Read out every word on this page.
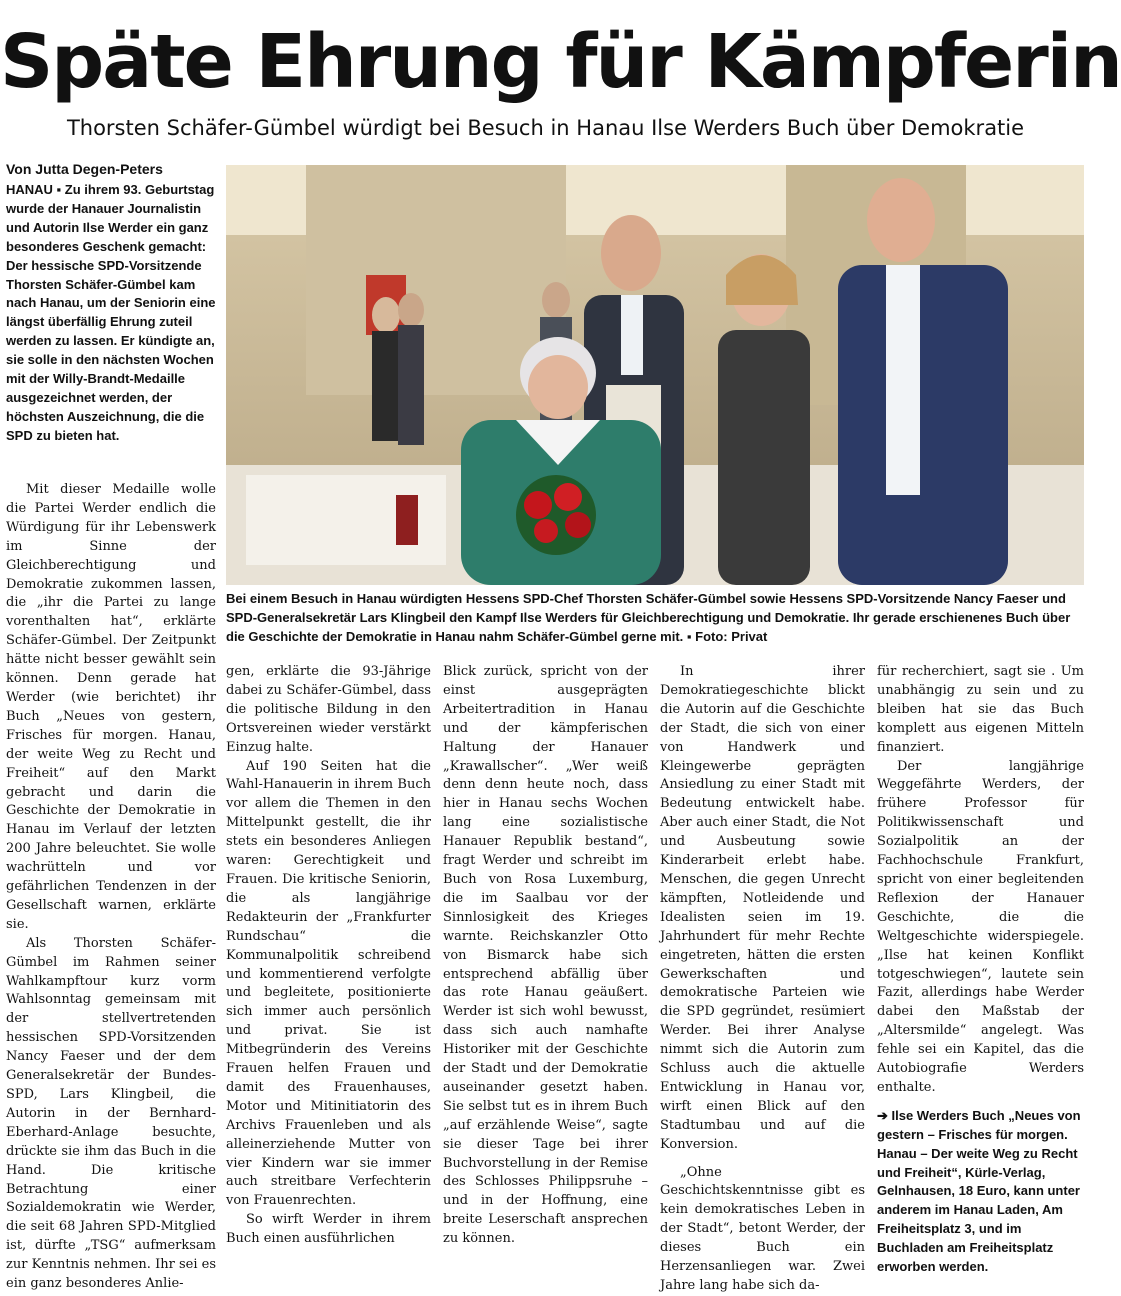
Späte Ehrung für Kämpferin
Thorsten Schäfer-Gümbel würdigt bei Besuch in Hanau Ilse Werders Buch über Demokratie
Von Jutta Degen-Peters

HANAU ▪ Zu ihrem 93. Geburtstag wurde der Hanauer Journalistin und Autorin Ilse Werder ein ganz besonderes Geschenk gemacht: Der hessische SPD-Vorsitzende Thorsten Schäfer-Gümbel kam nach Hanau, um der Seniorin eine längst überfällig Ehrung zuteil werden zu lassen. Er kündigte an, sie solle in den nächsten Wochen mit der Willy-Brandt-Medaille ausgezeichnet werden, der höchsten Auszeichnung, die die SPD zu bieten hat.

Mit dieser Medaille wolle die Partei Werder endlich die Würdigung für ihr Lebenswerk im Sinne der Gleichberechtigung und Demokratie zukommen lassen, die „ihr die Partei zu lange vorenthalten hat“, erklärte Schäfer-Gümbel. Der Zeitpunkt hätte nicht besser gewählt sein können. Denn gerade hat Werder (wie berichtet) ihr Buch „Neues von gestern, Frisches für morgen. Hanau, der weite Weg zu Recht und Freiheit“ auf den Markt gebracht und darin die Geschichte der Demokratie in Hanau im Verlauf der letzten 200 Jahre beleuchtet. Sie wolle wachrütteln und vor gefährlichen Tendenzen in der Gesellschaft warnen, erklärte sie.

Als Thorsten Schäfer-Gümbel im Rahmen seiner Wahlkampftour kurz vorm Wahlsonntag gemeinsam mit der stellvertretenden hessischen SPD-Vorsitzenden Nancy Faeser und der dem Generalsekretär der Bundes-SPD, Lars Klingbeil, die Autorin in der Bernhard-Eberhard-Anlage besuchte, drückte sie ihm das Buch in die Hand. Die kritische Betrachtung einer Sozialdemokratin wie Werder, die seit 68 Jahren SPD-Mitglied ist, dürfte „TSG“ aufmerksam zur Kenntnis nehmen. Ihr sei es ein ganz besonderes Anlie-

Bei einem Besuch in Hanau würdigten Hessens SPD-Chef Thorsten Schäfer-Gümbel sowie Hessens SPD-Vorsitzende Nancy Faeser und SPD-Generalsekretär Lars Klingbeil den Kampf Ilse Werders für Gleichberechtigung und Demokratie. Ihr gerade erschienenes Buch über die Geschichte der Demokratie in Hanau nahm Schäfer-Gümbel gerne mit. ▪ Foto: Privat

gen, erklärte die 93-Jährige dabei zu Schäfer-Gümbel, dass die politische Bildung in den Ortsvereinen wieder verstärkt Einzug halte.

Auf 190 Seiten hat die Wahl-Hanauerin in ihrem Buch vor allem die Themen in den Mittelpunkt gestellt, die ihr stets ein besonderes Anliegen waren: Gerechtigkeit und Frauen. Die kritische Seniorin, die als langjährige Redakteurin der „Frankfurter Rundschau“ die Kommunalpolitik schreibend und kommentierend verfolgte und begleitete, positionierte sich immer auch persönlich und privat. Sie ist Mitbegründerin des Vereins Frauen helfen Frauen und damit des Frauenhauses, Motor und Mitinitiatorin des Archivs Frauenleben und als alleinerziehende Mutter von vier Kindern war sie immer auch streitbare Verfechterin von Frauenrechten.

So wirft Werder in ihrem Buch einen ausführlichen

Blick zurück, spricht von der einst ausgeprägten Arbeitertradition in Hanau und der kämpferischen Haltung der Hanauer „Krawallscher“. „Wer weiß denn denn heute noch, dass hier in Hanau sechs Wochen lang eine sozialistische Hanauer Republik bestand“, fragt Werder und schreibt im Buch von Rosa Luxemburg, die im Saalbau vor der Sinnlosigkeit des Krieges warnte. Reichskanzler Otto von Bismarck habe sich entsprechend abfällig über das rote Hanau geäußert. Werder ist sich wohl bewusst, dass sich auch namhafte Historiker mit der Geschichte der Stadt und der Demokratie auseinander gesetzt haben. Sie selbst tut es in ihrem Buch „auf erzählende Weise“, sagte sie dieser Tage bei ihrer Buchvorstellung in der Remise des Schlosses Philippsruhe – und in der Hoffnung, eine breite Leserschaft ansprechen zu können.

In ihrer Demokratiegeschichte blickt die Autorin auf die Geschichte der Stadt, die sich von einer von Handwerk und Kleingewerbe geprägten Ansiedlung zu einer Stadt mit Bedeutung entwickelt habe. Aber auch einer Stadt, die Not und Ausbeutung sowie Kinderarbeit erlebt habe. Menschen, die gegen Unrecht kämpften, Notleidende und Idealisten seien im 19. Jahrhundert für mehr Rechte eingetreten, hätten die ersten Gewerkschaften und demokratische Parteien wie die SPD gegründet, resümiert Werder. Bei ihrer Analyse nimmt sich die Autorin zum Schluss auch die aktuelle Entwicklung in Hanau vor, wirft einen Blick auf den Stadtumbau und auf die Konversion.

„Ohne Geschichtskenntnisse gibt es kein demokratisches Leben in der Stadt“, betont Werder, der dieses Buch ein Herzensanliegen war. Zwei Jahre lang habe sich da-

für recherchiert, sagt sie . Um unabhängig zu sein und zu bleiben hat sie das Buch komplett aus eigenen Mitteln finanziert.

Der langjährige Weggefährte Werders, der frühere Professor für Politikwissenschaft und Sozialpolitik an der Fachhochschule Frankfurt, spricht von einer begleitenden Reflexion der Hanauer Geschichte, die die Weltgeschichte widerspiegele. „Ilse hat keinen Konflikt totgeschwiegen“, lautete sein Fazit, allerdings habe Werder dabei den Maßstab der „Altersmilde“ angelegt. Was fehle sei ein Kapitel, das die Autobiografie Werders enthalte.

➔ Ilse Werders Buch „Neues von gestern – Frisches für morgen. Hanau – Der weite Weg zu Recht und Freiheit“, Kürle-Verlag, Gelnhausen, 18 Euro, kann unter anderem im Hanau Laden, Am Freiheitsplatz 3, und im Buchladen am Freiheitsplatz erworben werden.
